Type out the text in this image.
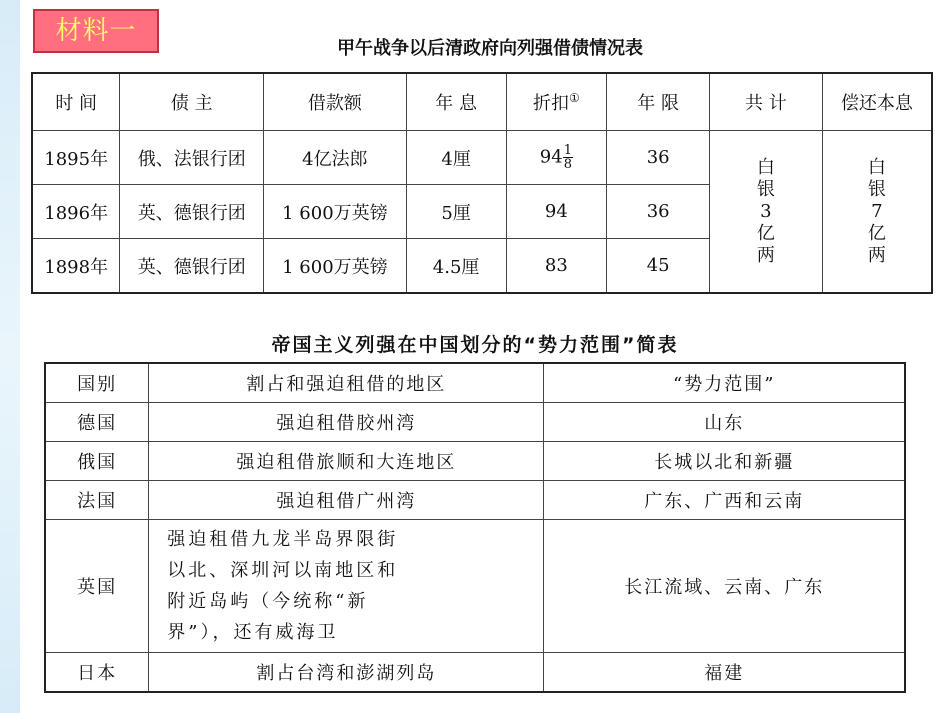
材料一
甲午战争以后清政府向列强借债情况表
时 间	债 主	借款额	年 息	折扣①	年 限	共 计	偿还本息
1895年	俄、法银行团	4亿法郎	4厘	$94 \frac{1}{8}$	36	白银3亿两	白银7亿两
1896年	英、德银行团	1 600万英镑	5厘	94	36		
1898年	英、德银行团	1 600万英镑	4.5厘	83	45		
帝国主义列强在中国划分的“势力范围”简表
国别	割占和强迫租借的地区	“势力范围”
德国	强迫租借胶州湾	山东
俄国	强迫租借旅顺和大连地区	长城以北和新疆
法国	强迫租借广州湾	广东、广西和云南
英国	强迫租借九龙半岛界限街
以北、深圳河以南地区和
附近岛屿（今统称“新
界”），还有威海卫	长江流域、云南、广东
日本	割占台湾和澎湖列岛	福建
